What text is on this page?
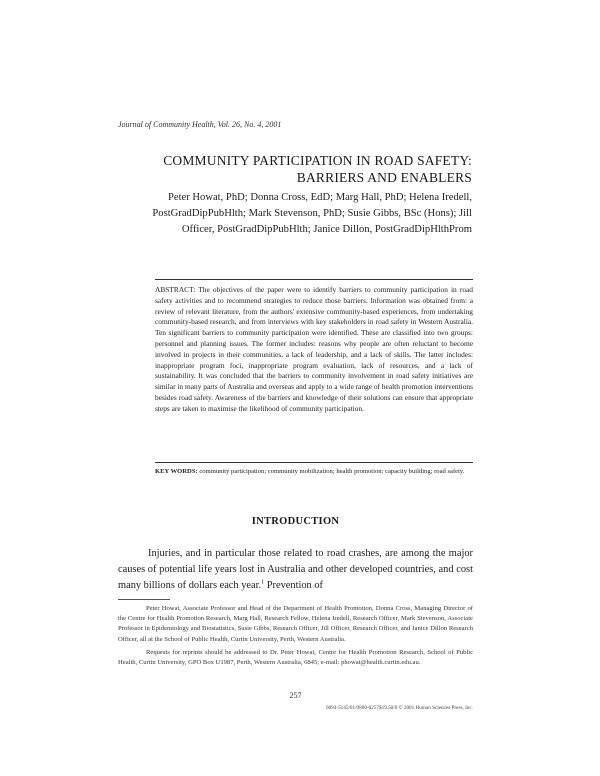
Journal of Community Health, Vol. 26, No. 4, 2001
COMMUNITY PARTICIPATION IN ROAD SAFETY: BARRIERS AND ENABLERS
Peter Howat, PhD; Donna Cross, EdD; Marg Hall, PhD; Helena Iredell, PostGradDipPubHlth; Mark Stevenson, PhD; Susie Gibbs, BSc (Hons); Jill Officer, PostGradDipPubHlth; Janice Dillon, PostGradDipHlthProm
ABSTRACT: The objectives of the paper were to identify barriers to community participation in road safety activities and to recommend strategies to reduce those barriers. Information was obtained from: a review of relevant literature, from the authors' extensive community-based experiences, from undertaking community-based research, and from interviews with key stakeholders in road safety in Western Australia. Ten significant barriers to community participation were identified. These are classified into two groups: personnel and planning issues. The former includes: reasons why people are often reluctant to become involved in projects in their communities, a lack of leadership, and a lack of skills. The latter includes: inappropriate program foci, inappropriate program evaluation, lack of resources, and a lack of sustainability. It was concluded that the barriers to community involvement in road safety initiatives are similar in many parts of Australia and overseas and apply to a wide range of health promotion interventions besides road safety. Awareness of the barriers and knowledge of their solutions can ensure that appropriate steps are taken to maximise the likelihood of community participation.
KEY WORDS: community participation; community mobilization; health promotion; capacity building; road safety.
INTRODUCTION
Injuries, and in particular those related to road crashes, are among the major causes of potential life years lost in Australia and other developed countries, and cost many billions of dollars each year.$^1$ Prevention of

Peter Howat, Associate Professor and Head of the Department of Health Promotion, Donna Cross, Managing Director of the Centre for Health Promotion Research, Marg Hall, Research Fellow, Helena Iredell, Research Officer, Mark Stevenson, Associate Professor in Epidemiology and Biostatistics, Susie Gibbs, Research Officer, Jill Officer, Research Officer, and Janice Dillon Research Officer, all at the School of Public Health, Curtin University, Perth, Western Australia.

Requests for reprints should be addressed to Dr. Peter Howat, Centre for Health Promotion Research, School of Public Health, Curtin University, GPO Box U1987, Perth, Western Australia, 6845; e-mail: phowat@health.curtin.edu.au.

257
0094-5145/01/0800-0257$19.50/0 © 2001 Human Sciences Press, Inc.
